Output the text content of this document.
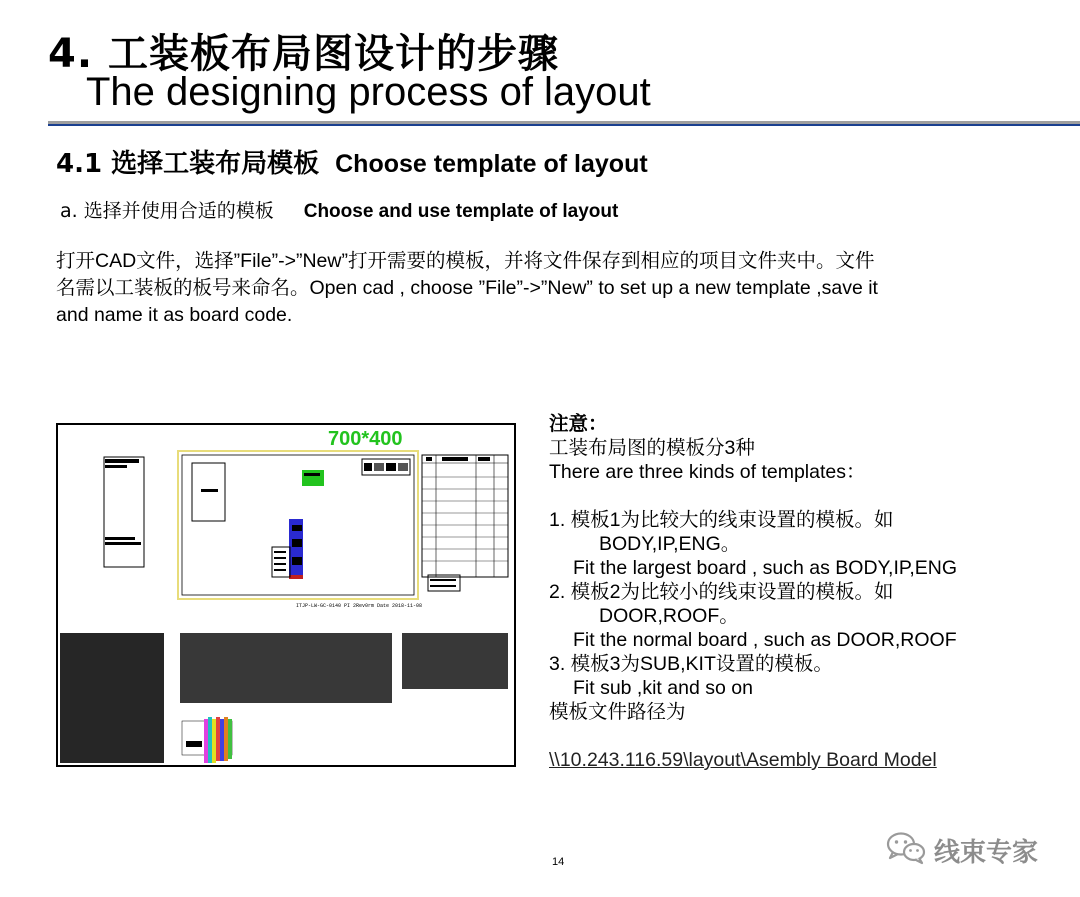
4. 工装板布局图设计的步骤
The designing process of layout
4.1 选择工装布局模板 Choose template of layout
a. 选择并使用合适的模板 Choose and use template of layout
打开CAD文件，选择”File”->”New”打开需要的模板，并将文件保存到相应的项目文件夹中。文件
名需以工装板的板号来命名。Open cad , choose ”File”->”New” to set up a new template ,save it
and name it as board code.
700*400
ITJP-LW-GC-0140 PI 2Rev0rm Date 2018-11-08
注意：
工装布局图的模板分3种
There are three kinds of templates：
1. 模板1为比较大的线束设置的模板。如
BODY,IP,ENG。
Fit the largest board , such as BODY,IP,ENG
2. 模板2为比较小的线束设置的模板。如
DOOR,ROOF。
Fit the normal board , such as DOOR,ROOF
3. 模板3为SUB,KIT设置的模板。
Fit sub ,kit and so on
模板文件路径为
\\10.243.116.59\layout\Asembly Board Model
14	线束专家
